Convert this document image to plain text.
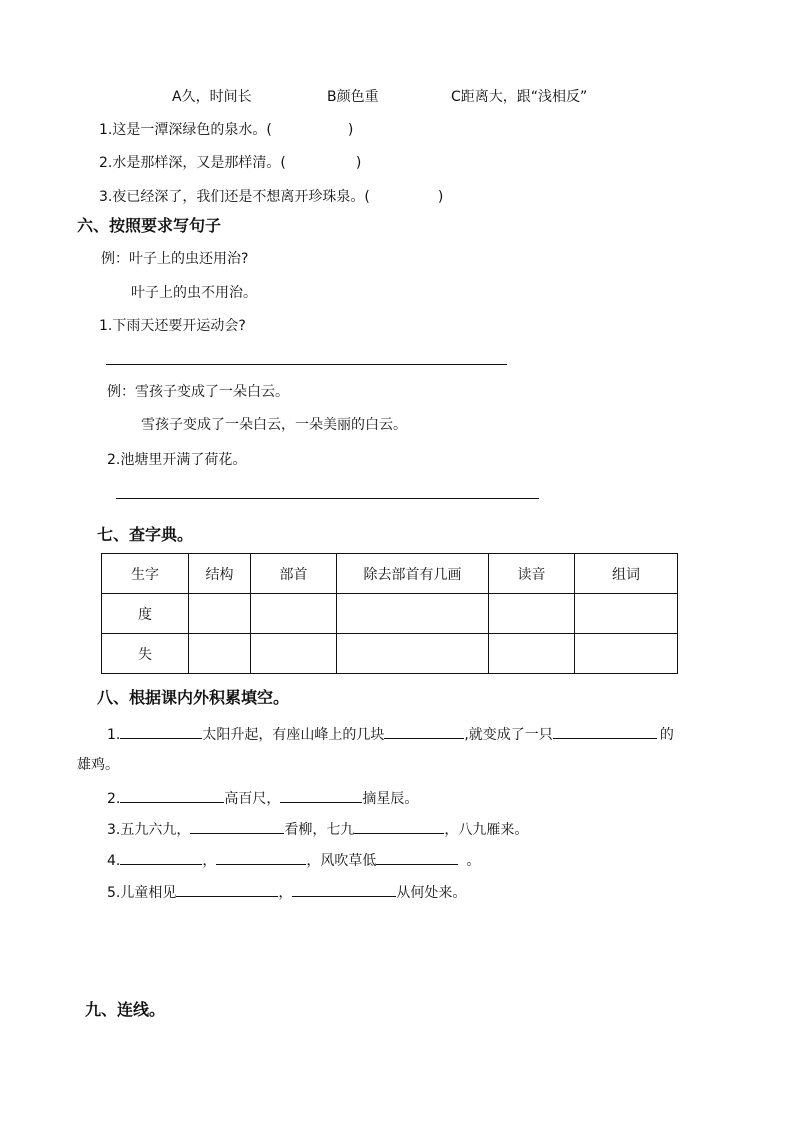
A久，时间长	B颜色重	C距离大，跟“浅相反”
1.这是一潭深绿色的泉水。(	)
2.水是那样深，又是那样清。(	)
3.夜已经深了，我们还是不想离开珍珠泉。(	)
六、按照要求写句子
例：叶子上的虫还用治?
叶子上的虫不用治。
1.下雨天还要开运动会?
例：雪孩子变成了一朵白云。
雪孩子变成了一朵白云，一朵美丽的白云。
2.池塘里开满了荷花。
七、查字典。
生字	结构	部首	除去部首有几画	读音	组词
度					
失					
八、根据课内外积累填空。
1.	太阳升起，有座山峰上的几块	,就变成了一只	的
雄鸡。
2.	高百尺，	摘星辰。
3.五九六九，	看柳，七九	，八九雁来。
4.	，	，风吹草低	。
5.儿童相见	，	从何处来。
九、连线。
